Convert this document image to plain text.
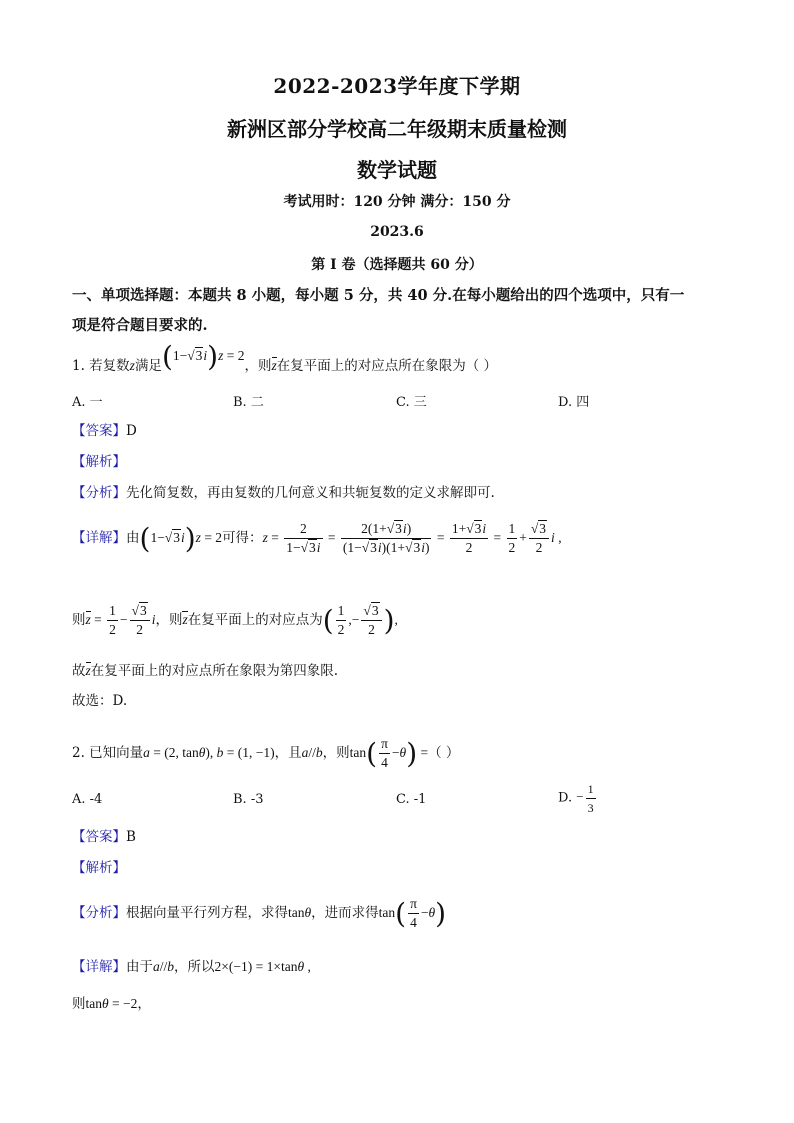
2022-2023学年度下学期
新洲区部分学校高二年级期末质量检测
数学试题
考试用时：120 分钟 满分：150 分
2023.6
第 I 卷（选择题共 60 分）
一、单项选择题：本题共 8 小题，每小题 5 分，共 40 分.在每小题给出的四个选项中，只有一
项是符合题目要求的.
1. 若复数z满足(1−√3i)z = 2，则z在复平面上的对应点所在象限为（ ）
A. 一	B. 二	C. 三	D. 四
【答案】D
【解析】
【分析】先化简复数，再由复数的几何意义和共轭复数的定义求解即可.
【详解】由(1−√3i)z = 2可得：$z = \frac{2}{1-√3i} = \frac{2(1+√3i)}{(1-√3i)(1+√3i)} = \frac{1+√3i}{2} = \frac{1}{2} + \frac{√3}{2}$ i ,
则$z = \frac{1}{2} - \frac{√3}{2}$ i，则z在复平面上的对应点为( $\frac{1}{2}$ ,− $\frac{√3}{2}$ ),
故z在复平面上的对应点所在象限为第四象限.
故选：D.
2. 已知向量a = (2, tanθ), b = (1, −1)，且a//b，则$\tan( \frac{\pi}{4} -\theta)$ =（ ）
A. -4	B. -3	C. -1	D. − $\frac{1}{3}$
【答案】B
【解析】
【分析】根据向量平行列方程，求得tanθ，进而求得$\tan( \frac{\pi}{4} -\theta)$
【详解】由于a//b，所以2×(−1) = 1×tanθ ,
则tanθ = −2，
